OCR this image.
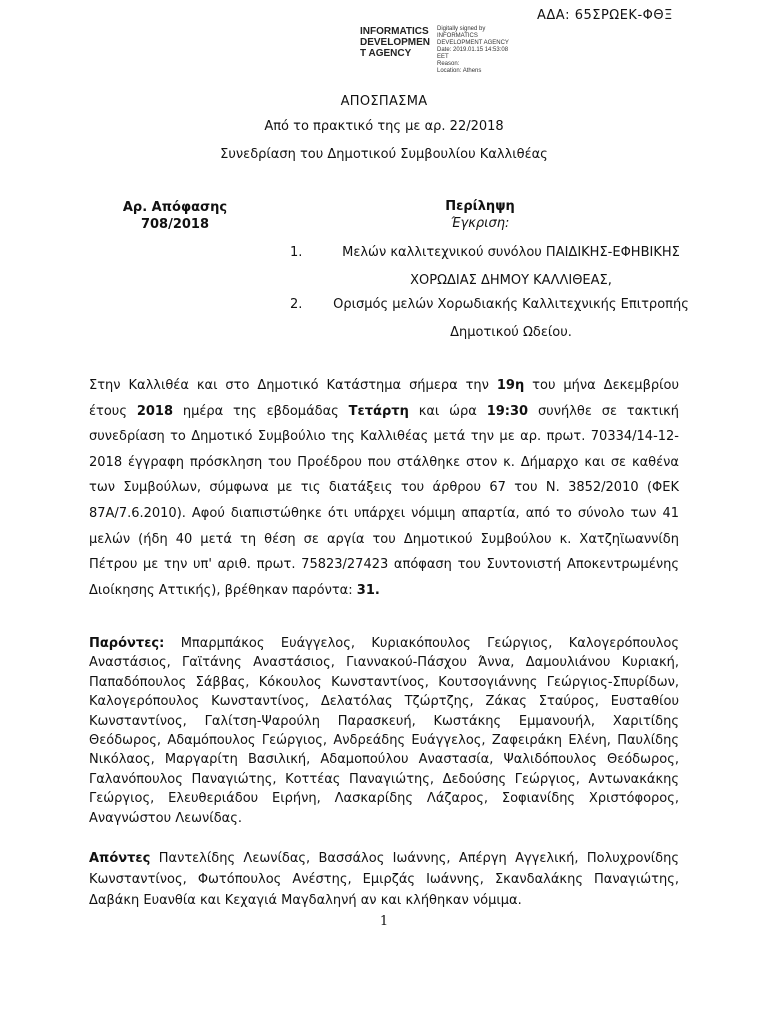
ΑΔΑ: 65ΣΡΩΕΚ-ΦΘΞ
INFORMATICS
DEVELOPMEN
T AGENCY
Digitally signed by
INFORMATICS
DEVELOPMENT AGENCY
Date: 2019.01.15 14:53:08
EET
Reason:
Location: Athens
ΑΠΟΣΠΑΣΜΑ
Από το πρακτικό της με αρ. 22/2018
Συνεδρίαση του Δημοτικού Συμβουλίου Καλλιθέας
Αρ. Απόφασης
708/2018
Περίληψη
Έγκριση:
1.	Μελών καλλιτεχνικού συνόλου ΠΑΙΔΙΚΗΣ-ΕΦΗΒΙΚΗΣ
ΧΟΡΩΔΙΑΣ ΔΗΜΟΥ ΚΑΛΛΙΘΕΑΣ,
2.	Ορισμός μελών Χορωδιακής Καλλιτεχνικής Επιτροπής
Δημοτικού Ωδείου.
Στην Καλλιθέα και στο Δημοτικό Κατάστημα σήμερα την 19η του μήνα Δεκεμβρίου έτους 2018 ημέρα της εβδομάδας Τετάρτη και ώρα 19:30 συνήλθε σε τακτική συνεδρίαση το Δημοτικό Συμβούλιο της Καλλιθέας μετά την με αρ. πρωτ. 70334/14-12-2018 έγγραφη πρόσκληση του Προέδρου που στάλθηκε στον κ. Δήμαρχο και σε καθένα των Συμβούλων, σύμφωνα με τις διατάξεις του άρθρου 67 του Ν. 3852/2010 (ΦΕΚ 87Α/7.6.2010). Αφού διαπιστώθηκε ότι υπάρχει νόμιμη απαρτία, από το σύνολο των 41 μελών (ήδη 40 μετά τη θέση σε αργία του Δημοτικού Συμβούλου κ. Χατζηϊωαννίδη Πέτρου με την υπ' αριθ. πρωτ. 75823/27423 απόφαση του Συντονιστή Αποκεντρωμένης Διοίκησης Αττικής), βρέθηκαν παρόντα: 31.
Παρόντες: Μπαρμπάκος Ευάγγελος, Κυριακόπουλος Γεώργιος, Καλογερόπουλος Αναστάσιος, Γαϊτάνης Αναστάσιος, Γιαννακού-Πάσχου Άννα, Δαμουλιάνου Κυριακή, Παπαδόπουλος Σάββας, Κόκουλος Κωνσταντίνος, Κουτσογιάννης Γεώργιος-Σπυρίδων, Καλογερόπουλος Κωνσταντίνος, Δελατόλας Τζώρτζης, Ζάκας Σταύρος, Ευσταθίου Κωνσταντίνος, Γαλίτση-Ψαρούλη Παρασκευή, Κωστάκης Εμμανουήλ, Χαριτίδης Θεόδωρος, Αδαμόπουλος Γεώργιος, Ανδρεάδης Ευάγγελος, Ζαφειράκη Ελένη, Παυλίδης Νικόλαος, Μαργαρίτη Βασιλική, Αδαμοπούλου Αναστασία, Ψαλιδόπουλος Θεόδωρος, Γαλανόπουλος Παναγιώτης, Κοττέας Παναγιώτης, Δεδούσης Γεώργιος, Αντωνακάκης Γεώργιος, Ελευθεριάδου Ειρήνη, Λασκαρίδης Λάζαρος, Σοφιανίδης Χριστόφορος, Αναγνώστου Λεωνίδας.
Απόντες Παντελίδης Λεωνίδας, Βασσάλος Ιωάννης, Απέργη Αγγελική, Πολυχρονίδης Κωνσταντίνος, Φωτόπουλος Ανέστης, Εμιρζάς Ιωάννης, Σκανδαλάκης Παναγιώτης, Δαβάκη Ευανθία και Κεχαγιά Μαγδαληνή αν και κλήθηκαν νόμιμα.
1
